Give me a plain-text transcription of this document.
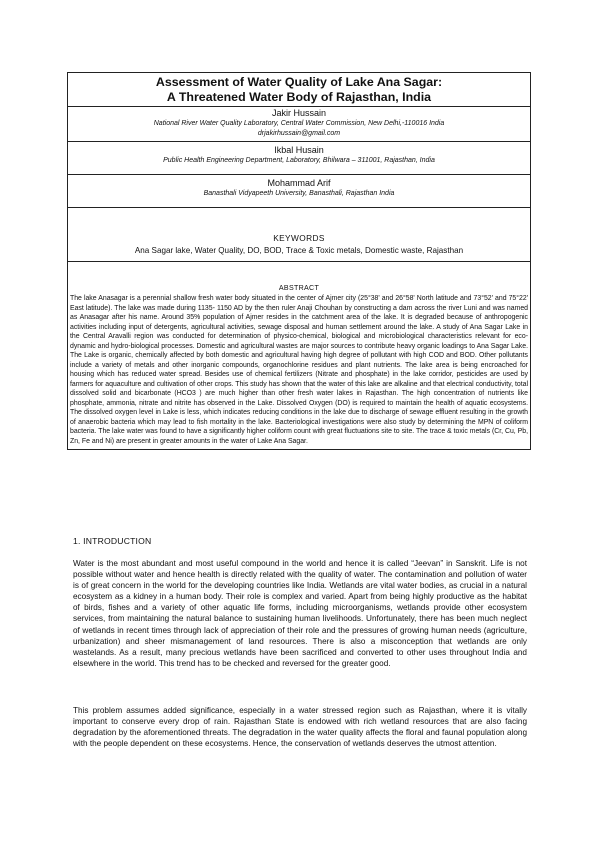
Assessment of Water Quality of Lake Ana Sagar:
A Threatened Water Body of Rajasthan, India
Jakir Hussain
National River Water Quality Laboratory, Central Water Commission, New Delhi,-110016 India
drjakirhussain@gmail.com
Ikbal Husain
Public Health Engineering Department, Laboratory, Bhilwara – 311001, Rajasthan, India
Mohammad Arif
Banasthali Vidyapeeth University, Banasthali, Rajasthan India
KEYWORDS
Ana Sagar lake, Water Quality, DO, BOD, Trace & Toxic metals, Domestic waste, Rajasthan
ABSTRACT
The lake Anasagar is a perennial shallow fresh water body situated in the center of Ajmer city (25°38' and 26°58' North latitude and 73°52' and 75°22' East latitude). The lake was made during 1135- 1150 AD by the then ruler Anaji Chouhan by constructing a dam across the river Luni and was named as Anasagar after his name. Around 35% population of Ajmer resides in the catchment area of the lake. It is degraded because of anthropogenic activities including input of detergents, agricultural activities, sewage disposal and human settlement around the lake. A study of Ana Sagar Lake in the Central Aravalli region was conducted for determination of physico-chemical, biological and microbiological characteristics relevant for eco-dynamic and hydro-biological processes. Domestic and agricultural wastes are major sources to contribute heavy organic loadings to Ana Sagar Lake. The Lake is organic, chemically affected by both domestic and agricultural having high degree of pollutant with high COD and BOD. Other pollutants include a variety of metals and other inorganic compounds, organochlorine residues and plant nutrients. The lake area is being encroached for housing which has reduced water spread. Besides use of chemical fertilizers (Nitrate and phosphate) in the lake corridor, pesticides are used by farmers for aquaculture and cultivation of other crops. This study has shown that the water of this lake are alkaline and that electrical conductivity, total dissolved solid and bicarbonate (HCO3 ) are much higher than other fresh water lakes in Rajasthan. The high concentration of nutrients like phosphate, ammonia, nitrate and nitrite has observed in the Lake. Dissolved Oxygen (DO) is required to maintain the health of aquatic ecosystems. The dissolved oxygen level in Lake is less, which indicates reducing conditions in the lake due to discharge of sewage effluent resulting in the growth of anaerobic bacteria which may lead to fish mortality in the lake. Bacteriological investigations were also study by determining the MPN of coliform bacteria. The lake water was found to have a significantly higher coliform count with great fluctuations site to site. The trace & toxic metals (Cr, Cu, Pb, Zn, Fe and Ni) are present in greater amounts in the water of Lake Ana Sagar.
1. INTRODUCTION

Water is the most abundant and most useful compound in the world and hence it is called “Jeevan” in Sanskrit. Life is not possible without water and hence health is directly related with the quality of water. The contamination and pollution of water is of great concern in the world for the developing countries like India. Wetlands are vital water bodies, as crucial in a natural ecosystem as a kidney in a human body. Their role is complex and varied. Apart from being highly productive as the habitat of birds, fishes and a variety of other aquatic life forms, including microorganisms, wetlands provide other ecosystem services, from maintaining the natural balance to sustaining human livelihoods. Unfortunately, there has been much neglect of wetlands in recent times through lack of appreciation of their role and the pressures of growing human needs (agriculture, urbanization) and sheer mismanagement of land resources. There is also a misconception that wetlands are only wastelands. As a result, many precious wetlands have been sacrificed and converted to other uses throughout India and elsewhere in the world. This trend has to be checked and reversed for the greater good.

This problem assumes added significance, especially in a water stressed region such as Rajasthan, where it is vitally important to conserve every drop of rain. Rajasthan State is endowed with rich wetland resources that are also facing degradation by the aforementioned threats. The degradation in the water quality affects the floral and faunal population along with the people dependent on these ecosystems. Hence, the conservation of wetlands deserves the utmost attention.
